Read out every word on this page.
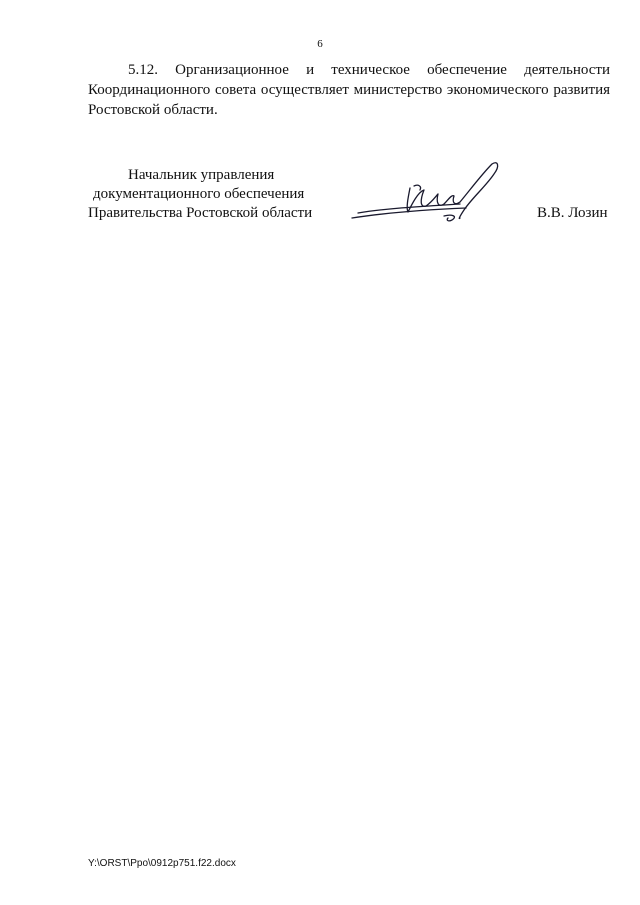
6

5.12. Организационное и техническое обеспечение деятельности Координационного совета осуществляет министерство экономического развития Ростовской области.

Начальник управления
документационного обеспечения
Правительства Ростовской области	В.В. Лозин
Y:\ORST\Ppo\0912p751.f22.docx
